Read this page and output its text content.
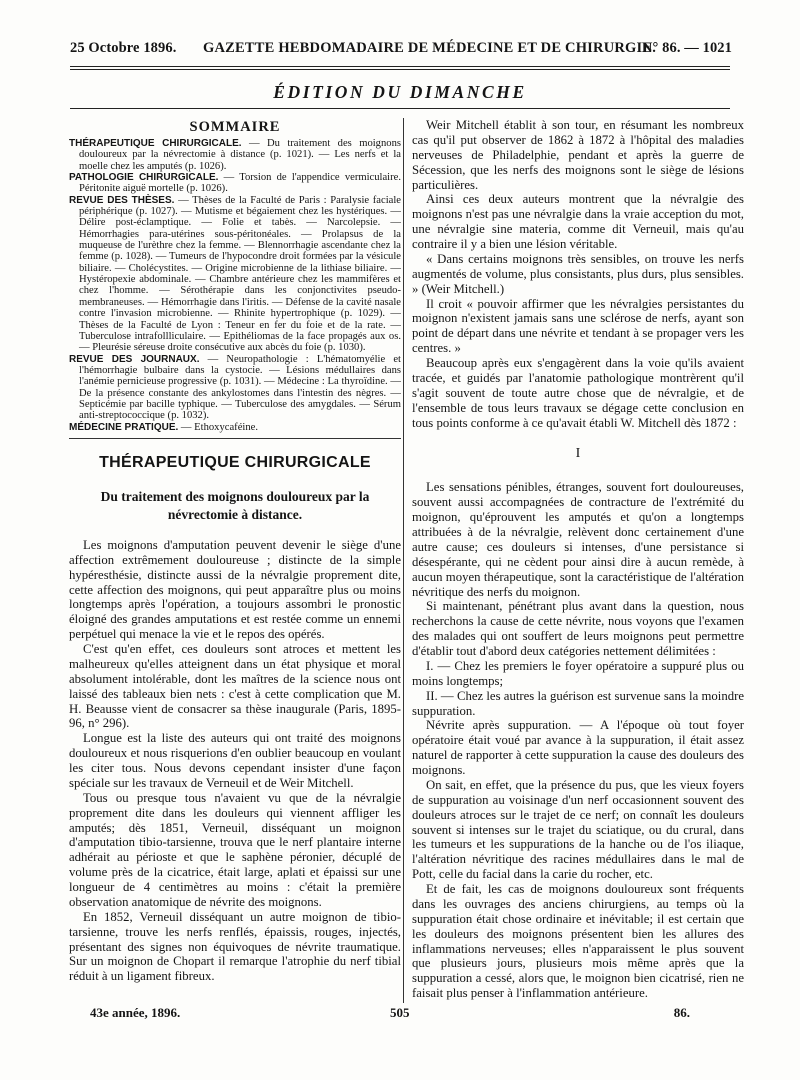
25 Octobre 1896. GAZETTE HEBDOMADAIRE DE MÉDECINE ET DE CHIRURGIE.
N° 86. — 1021
ÉDITION DU DIMANCHE
SOMMAIRE

THÉRAPEUTIQUE CHIRURGICALE. — Du traitement des moignons douloureux par la névrectomie à distance (p. 1021). — Les nerfs et la moelle chez les amputés (p. 1026).

PATHOLOGIE CHIRURGICALE. — Torsion de l'appendice vermiculaire. Péritonite aiguë mortelle (p. 1026).

REVUE DES THÈSES. — Thèses de la Faculté de Paris : Paralysie faciale périphérique (p. 1027). — Mutisme et bégaiement chez les hystériques. — Délire post-éclamptique. — Folie et tabès. — Narcolepsie. — Hémorrhagies para-utérines sous-péritonéales. — Prolapsus de la muqueuse de l'urèthre chez la femme. — Blennorrhagie ascendante chez la femme (p. 1028). — Tumeurs de l'hypocondre droit formées par la vésicule biliaire. — Cholécystites. — Origine microbienne de la lithiase biliaire. — Hystéropexie abdominale. — Chambre antérieure chez les mammifères et chez l'homme. — Sérothérapie dans les conjonctivites pseudo-membraneuses. — Hémorrhagie dans l'iritis. — Défense de la cavité nasale contre l'invasion microbienne. — Rhinite hypertrophique (p. 1029). — Thèses de la Faculté de Lyon : Teneur en fer du foie et de la rate. — Tuberculose intrafollliculaire. — Epithéliomas de la face propagés aux os. — Pleurésie séreuse droite consécutive aux abcès du foie (p. 1030).

REVUE DES JOURNAUX. — Neuropathologie : L'hématomyélie et l'hémorrhagie bulbaire dans la cystocie. — Lésions médullaires dans l'anémie pernicieuse progressive (p. 1031). — Médecine : La thyroïdine. — De la présence constante des ankylostomes dans l'intestin des nègres. — Septicémie par bacille typhique. — Tuberculose des amygdales. — Sérum anti-streptococcique (p. 1032).

MÉDECINE PRATIQUE. — Ethoxycaféine.

THÉRAPEUTIQUE CHIRURGICALE
Du traitement des moignons douloureux par la névrectomie à distance.

Les moignons d'amputation peuvent devenir le siège d'une affection extrêmement douloureuse ; distincte de la simple hypéresthésie, distincte aussi de la névralgie proprement dite, cette affection des moignons, qui peut apparaître plus ou moins longtemps après l'opération, a toujours assombri le pronostic éloigné des grandes amputations et est restée comme un ennemi perpétuel qui menace la vie et le repos des opérés.

C'est qu'en effet, ces douleurs sont atroces et mettent les malheureux qu'elles atteignent dans un état physique et moral absolument intolérable, dont les maîtres de la science nous ont laissé des tableaux bien nets : c'est à cette complication que M. H. Beausse vient de consacrer sa thèse inaugurale (Paris, 1895-96, n° 296).

Longue est la liste des auteurs qui ont traité des moignons douloureux et nous risquerions d'en oublier beaucoup en voulant les citer tous. Nous devons cependant insister d'une façon spéciale sur les travaux de Verneuil et de Weir Mitchell.

Tous ou presque tous n'avaient vu que de la névralgie proprement dite dans les douleurs qui viennent affliger les amputés; dès 1851, Verneuil, disséquant un moignon d'amputation tibio-tarsienne, trouva que le nerf plantaire interne adhérait au périoste et que le saphène péronier, décuplé de volume près de la cicatrice, était large, aplati et épaissi sur une longueur de 4 centimètres au moins : c'était la première observation anatomique de névrite des moignons.

En 1852, Verneuil disséquant un autre moignon de tibio-tarsienne, trouve les nerfs renflés, épaissis, rouges, injectés, présentant des signes non équivoques de névrite traumatique. Sur un moignon de Chopart il remarque l'atrophie du nerf tibial réduit à un ligament fibreux.

Weir Mitchell établit à son tour, en résumant les nombreux cas qu'il put observer de 1862 à 1872 à l'hôpital des maladies nerveuses de Philadelphie, pendant et après la guerre de Sécession, que les nerfs des moignons sont le siège de lésions particulières.

Ainsi ces deux auteurs montrent que la névralgie des moignons n'est pas une névralgie dans la vraie acception du mot, une névralgie sine materia, comme dit Verneuil, mais qu'au contraire il y a bien une lésion véritable.

« Dans certains moignons très sensibles, on trouve les nerfs augmentés de volume, plus consistants, plus durs, plus sensibles. » (Weir Mitchell.)

Il croit « pouvoir affirmer que les névralgies persistantes du moignon n'existent jamais sans une sclérose de nerfs, ayant son point de départ dans une névrite et tendant à se propager vers les centres. »

Beaucoup après eux s'engagèrent dans la voie qu'ils avaient tracée, et guidés par l'anatomie pathologique montrèrent qu'il s'agit souvent de toute autre chose que de névralgie, et de l'ensemble de tous leurs travaux se dégage cette conclusion en tous points conforme à ce qu'avait établi W. Mitchell dès 1872 :

I

Les sensations pénibles, étranges, souvent fort douloureuses, souvent aussi accompagnées de contracture de l'extrémité du moignon, qu'éprouvent les amputés et qu'on a longtemps attribuées à de la névralgie, relèvent donc certainement d'une autre cause; ces douleurs si intenses, d'une persistance si désespérante, qui ne cèdent pour ainsi dire à aucun remède, à aucun moyen thérapeutique, sont la caractéristique de l'altération névritique des nerfs du moignon.

Si maintenant, pénétrant plus avant dans la question, nous recherchons la cause de cette névrite, nous voyons que l'examen des malades qui ont souffert de leurs moignons peut permettre d'établir tout d'abord deux catégories nettement délimitées :

I. — Chez les premiers le foyer opératoire a suppuré plus ou moins longtemps;

II. — Chez les autres la guérison est survenue sans la moindre suppuration.

Névrite après suppuration. — A l'époque où tout foyer opératoire était voué par avance à la suppuration, il était assez naturel de rapporter à cette suppuration la cause des douleurs des moignons.

On sait, en effet, que la présence du pus, que les vieux foyers de suppuration au voisinage d'un nerf occasionnent souvent des douleurs atroces sur le trajet de ce nerf; on connaît les douleurs souvent si intenses sur le trajet du sciatique, ou du crural, dans les tumeurs et les suppurations de la hanche ou de l'os iliaque, l'altération névritique des racines médullaires dans le mal de Pott, celle du facial dans la carie du rocher, etc.

Et de fait, les cas de moignons douloureux sont fréquents dans les ouvrages des anciens chirurgiens, au temps où la suppuration était chose ordinaire et inévitable; il est certain que les douleurs des moignons présentent bien les allures des inflammations nerveuses; elles n'apparaissent le plus souvent que plusieurs jours, plusieurs mois même après que la suppuration a cessé, alors que, le moignon bien cicatrisé, rien ne faisait plus penser à l'inflammation antérieure.

43e année, 1896.	505	86.
